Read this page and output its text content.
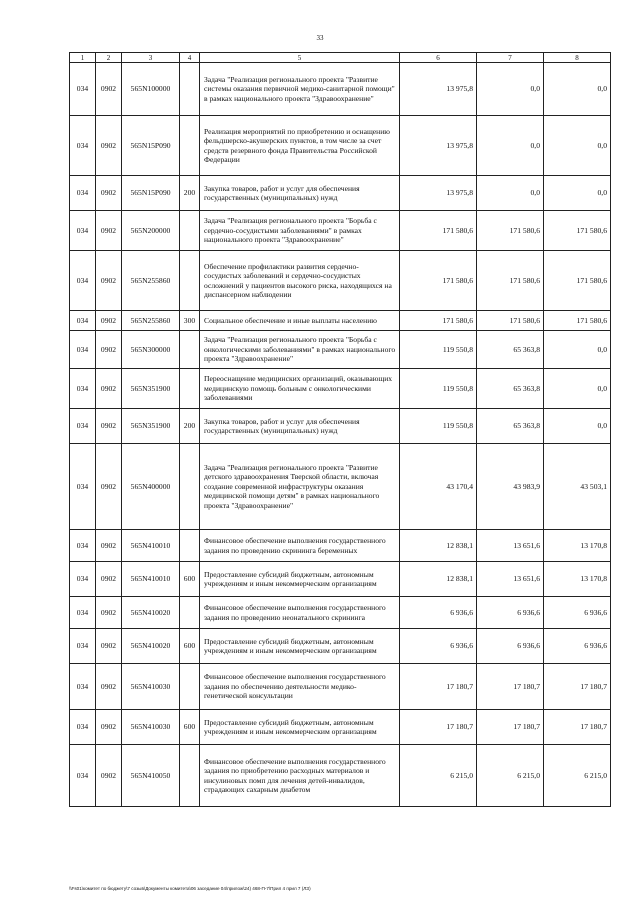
33
1	2	3	4	5	6	7	8
034	0902	565N100000		Задача "Реализация регионального проекта "Развитие системы оказания первичной медико-санитарной помощи" в рамках национального проекта "Здравоохранение"	13 975,8	0,0	0,0
034	0902	565N15P090		Реализация мероприятий по приобретению и оснащению фельдшерско-акушерских пунктов, в том числе за счет средств резервного фонда Правительства Российской Федерации	13 975,8	0,0	0,0
034	0902	565N15P090	200	Закупка товаров, работ и услуг для обеспечения государственных (муниципальных) нужд	13 975,8	0,0	0,0
034	0902	565N200000		Задача "Реализация регионального проекта "Борьба с сердечно-сосудистыми заболеваниями" в рамках национального проекта "Здравоохранение"	171 580,6	171 580,6	171 580,6
034	0902	565N255860		Обеспечение профилактики развития сердечно-сосудистых заболеваний и сердечно-сосудистых осложнений у пациентов высокого риска, находящихся на диспансерном наблюдении	171 580,6	171 580,6	171 580,6
034	0902	565N255860	300	Социальное обеспечение и иные выплаты населению	171 580,6	171 580,6	171 580,6
034	0902	565N300000		Задача "Реализация регионального проекта "Борьба с онкологическими заболеваниями" в рамках национального проекта "Здравоохранение"	119 550,8	65 363,8	0,0
034	0902	565N351900		Переоснащение медицинских организаций, оказывающих медицинскую помощь больным с онкологическими заболеваниями	119 550,8	65 363,8	0,0
034	0902	565N351900	200	Закупка товаров, работ и услуг для обеспечения государственных (муниципальных) нужд	119 550,8	65 363,8	0,0
034	0902	565N400000		Задача "Реализация регионального проекта "Развитие детского здравоохранения Тверской области, включая создание современной инфраструктуры оказания медицинской помощи детям" в рамках национального проекта "Здравоохранение"	43 170,4	43 983,9	43 503,1
034	0902	565N410010		Финансовое обеспечение выполнения государственного задания по проведению скрининга беременных	12 838,1	13 651,6	13 170,8
034	0902	565N410010	600	Предоставление субсидий бюджетным, автономным учреждениям и иным некоммерческим организациям	12 838,1	13 651,6	13 170,8
034	0902	565N410020		Финансовое обеспечение выполнения государственного задания по проведению неонатального скрининга	6 936,6	6 936,6	6 936,6
034	0902	565N410020	600	Предоставление субсидий бюджетным, автономным учреждениям и иным некоммерческим организациям	6 936,6	6 936,6	6 936,6
034	0902	565N410030		Финансовое обеспечение выполнения государственного задания по обеспечению деятельности медико-генетической консультации	17 180,7	17 180,7	17 180,7
034	0902	565N410030	600	Предоставление субсидий бюджетным, автономным учреждениям и иным некоммерческим организациям	17 180,7	17 180,7	17 180,7
034	0902	565N410050		Финансовое обеспечение выполнения государственного задания по приобретению расходных материалов и инсулиновых помп для лечения детей-инвалидов, страдающих сахарным диабетом	6 215,0	6 215,0	6 215,0
\\Fs01\комитет по бюджету\7 созыв\Документы комитета\06 заседание 04\прилож\24) 468-П-7\Прил 4 прил 7 (ЛЗ)
